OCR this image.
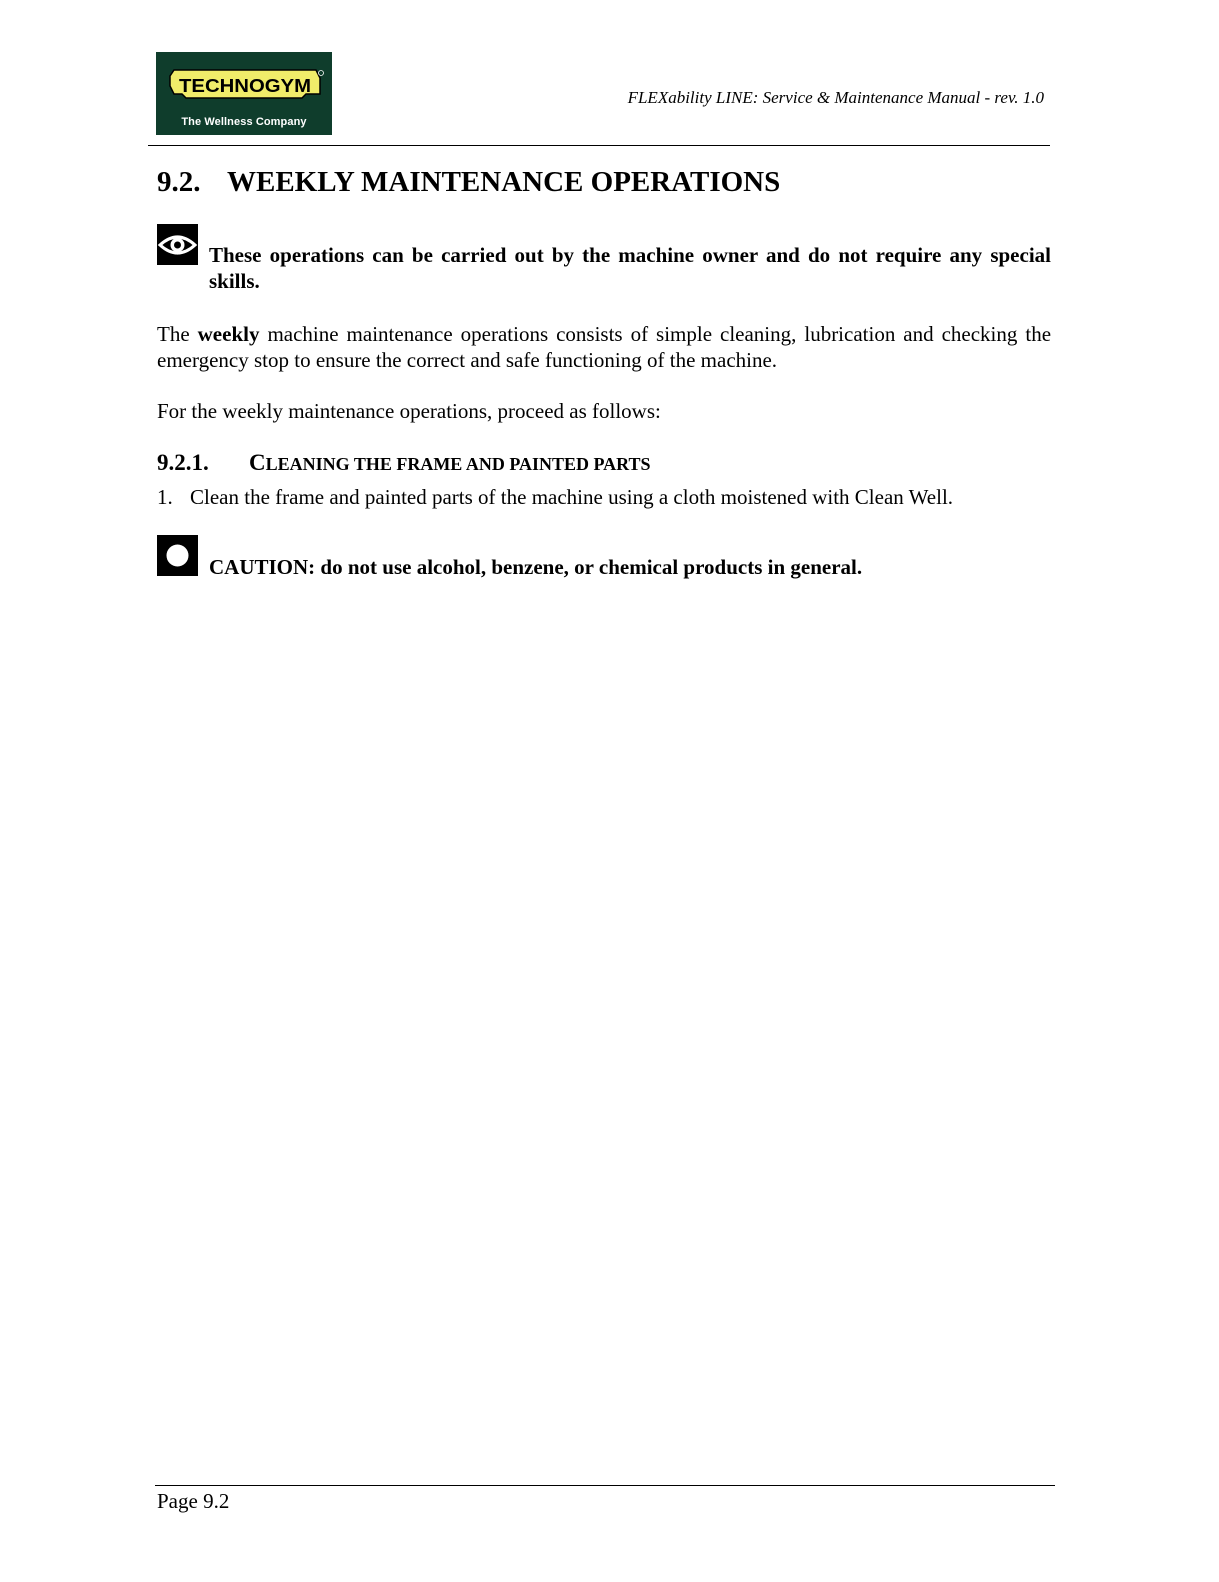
TECHNOGYM
The Wellness Company
FLEXability LINE: Service & Maintenance Manual - rev. 1.0
9.2. WEEKLY MAINTENANCE OPERATIONS
These operations can be carried out by the machine owner and do not require any special skills.
The weekly machine maintenance operations consists of simple cleaning, lubrication and checking the emergency stop to ensure the correct and safe functioning of the machine.
For the weekly maintenance operations, proceed as follows:
9.2.1. CLEANING THE FRAME AND PAINTED PARTS
1. Clean the frame and painted parts of the machine using a cloth moistened with Clean Well.
CAUTION: do not use alcohol, benzene, or chemical products in general.
Page 9.2
